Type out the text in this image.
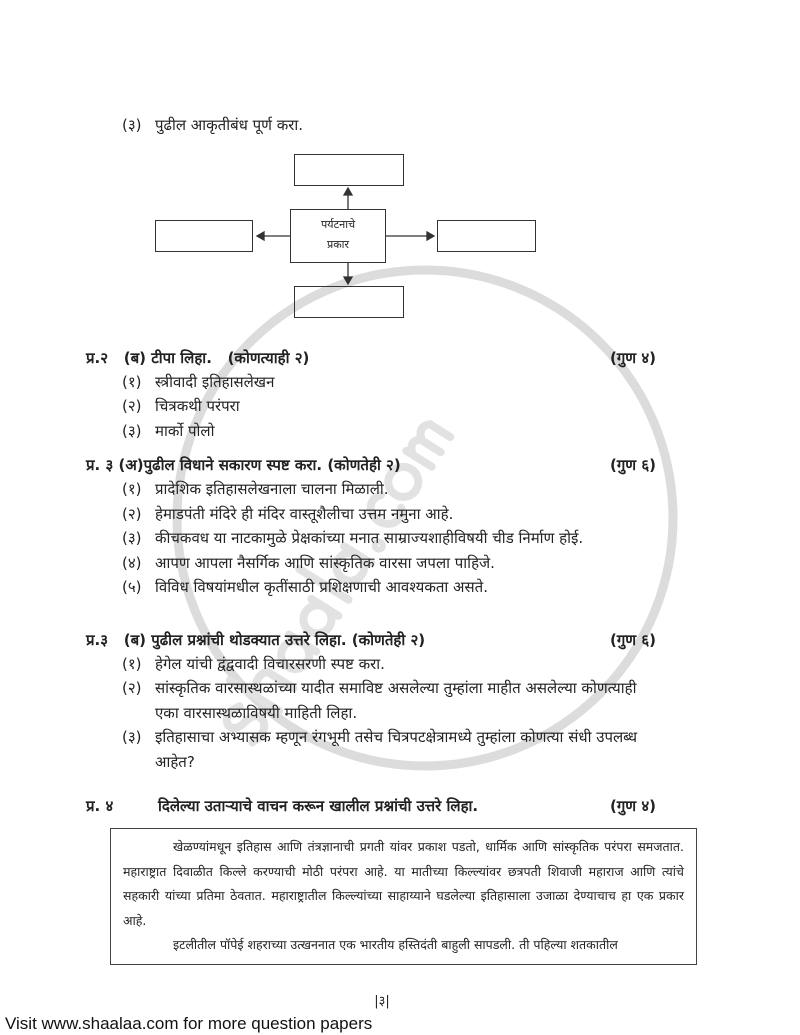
(३) पुढील आकृतीबंध पूर्ण करा.
पर्यटनाचे
प्रकार
प्र.२ (ब) टीपा लिहा. (कोणत्याही २)	(गुण ४)
(१) स्त्रीवादी इतिहासलेखन
(२) चित्रकथी परंपरा
(३) मार्को पोलो
प्र. ३ (अ)पुढील विधाने सकारण स्पष्ट करा. (कोणतेही २)	(गुण ६)
(१) प्रादेशिक इतिहासलेखनाला चालना मिळाली.
(२) हेमाडपंती मंदिरे ही मंदिर वास्तूशैलीचा उत्तम नमुना आहे.
(३) कीचकवध या नाटकामुळे प्रेक्षकांच्या मनात साम्राज्यशाहीविषयी चीड निर्माण होई.
(४) आपण आपला नैसर्गिक आणि सांस्कृतिक वारसा जपला पाहिजे.
(५) विविध विषयांमधील कृतींसाठी प्रशिक्षणाची आवश्यकता असते.
प्र.३ (ब) पुढील प्रश्नांची थोडक्यात उत्तरे लिहा. (कोणतेही २)	(गुण ६)
(१) हेगेल यांची द्वंद्ववादी विचारसरणी स्पष्ट करा.
(२) सांस्कृतिक वारसास्थळांच्या यादीत समाविष्ट असलेल्या तुम्हांला माहीत असलेल्या कोणत्याही
एका वारसास्थळाविषयी माहिती लिहा.
(३) इतिहासाचा अभ्यासक म्हणून रंगभूमी तसेच चित्रपटक्षेत्रामध्ये तुम्हांला कोणत्या संधी उपलब्ध
आहेत?
प्र. ४	दिलेल्या उताऱ्याचे वाचन करून खालील प्रश्नांची उत्तरे लिहा.	(गुण ४)

खेळण्यांमधून इतिहास आणि तंत्रज्ञानाची प्रगती यांवर प्रकाश पडतो, धार्मिक आणि सांस्कृतिक परंपरा समजतात. महाराष्ट्रात दिवाळीत किल्ले करण्याची मोठी परंपरा आहे. या मातीच्या किल्ल्यांवर छत्रपती शिवाजी महाराज आणि त्यांचे सहकारी यांच्या प्रतिमा ठेवतात. महाराष्ट्रातील किल्ल्यांच्या साहाय्याने घडलेल्या इतिहासाला उजाळा देण्याचाच हा एक प्रकार आहे.

इटलीतील पॉपेई शहराच्या उत्खननात एक भारतीय हस्तिदंती बाहुली सापडली. ती पहिल्या शतकातील

|३|
Visit www.shaalaa.com for more question papers
